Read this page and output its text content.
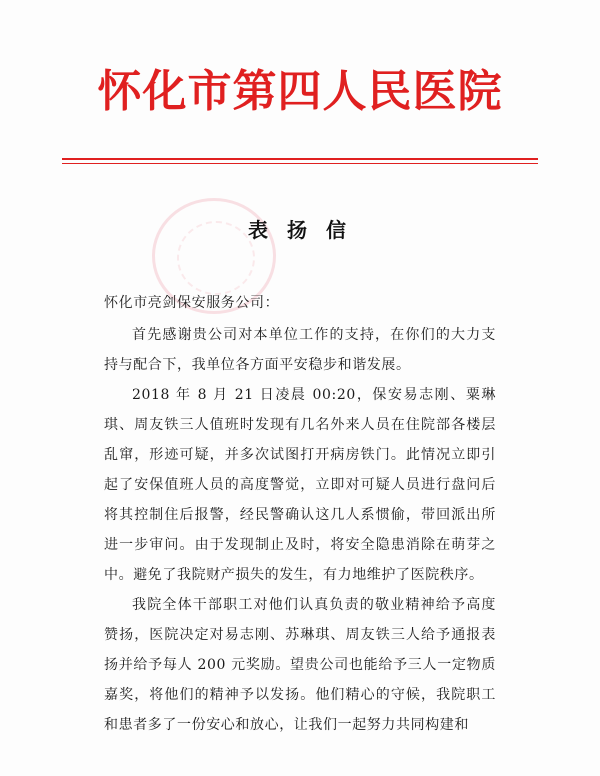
怀化市第四人民医院
表 扬 信

怀化市亮剑保安服务公司：

首先感谢贵公司对本单位工作的支持，在你们的大力支持与配合下，我单位各方面平安稳步和谐发展。

2018 年 8 月 21 日凌晨 00:20，保安易志刚、粟琳琪、周友铁三人值班时发现有几名外来人员在住院部各楼层乱窜，形迹可疑，并多次试图打开病房铁门。此情况立即引起了安保值班人员的高度警觉，立即对可疑人员进行盘问后将其控制住后报警，经民警确认这几人系惯偷，带回派出所进一步审问。由于发现制止及时，将安全隐患消除在萌芽之中。避免了我院财产损失的发生，有力地维护了医院秩序。

我院全体干部职工对他们认真负责的敬业精神给予高度赞扬，医院决定对易志刚、苏琳琪、周友铁三人给予通报表扬并给予每人 200 元奖励。望贵公司也能给予三人一定物质嘉奖，将他们的精神予以发扬。他们精心的守候，我院职工和患者多了一份安心和放心，让我们一起努力共同构建和
